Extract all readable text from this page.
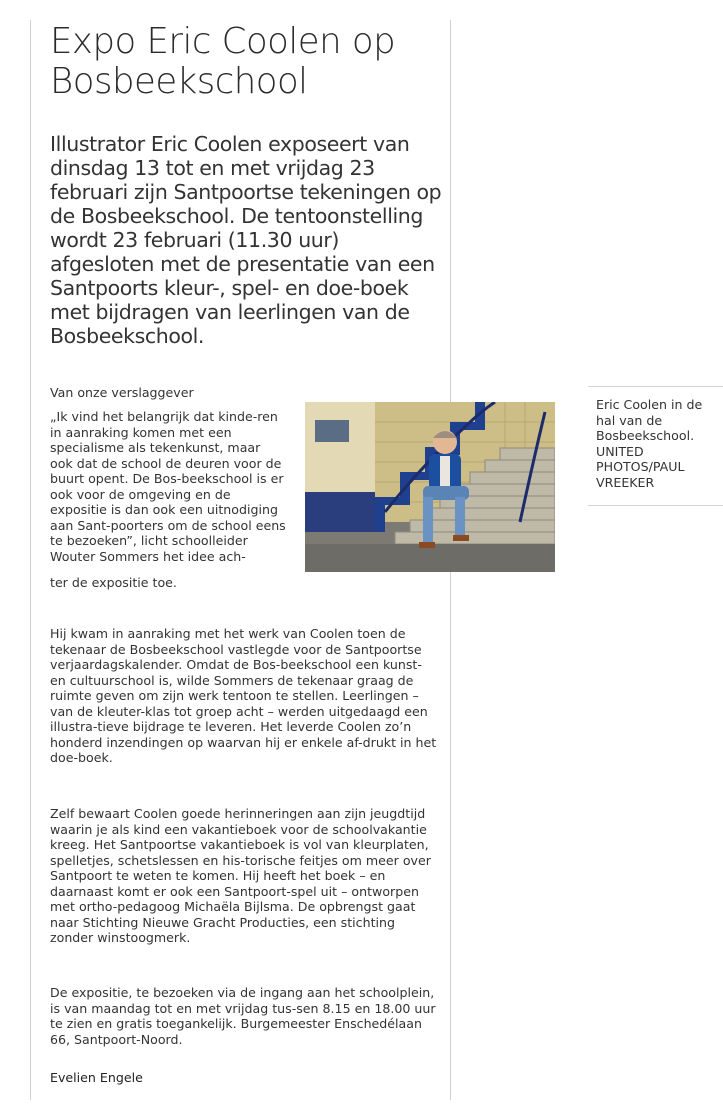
Expo Eric Coolen op Bosbeekschool

Illustrator Eric Coolen exposeert van dinsdag 13 tot en met vrijdag 23 februari zijn Santpoortse tekeningen op de Bosbeekschool. De tentoonstelling wordt 23 februari (11.30 uur) afgesloten met de presentatie van een Santpoorts kleur-, spel- en doe-boek met bijdragen van leerlingen van de Bosbeekschool.

Van onze verslaggever

„Ik vind het belangrijk dat kinde-ren in aanraking komen met een specialisme als tekenkunst, maar ook dat de school de deuren voor de buurt opent. De Bos-beekschool is er ook voor de omgeving en de expositie is dan ook een uitnodiging aan Sant-poorters om de school eens te bezoeken”, licht schoolleider Wouter Sommers het idee ach-

ter de expositie toe.

Hij kwam in aanraking met het werk van Coolen toen de tekenaar de Bosbeekschool vastlegde voor de Santpoortse verjaardagskalender. Omdat de Bos-beekschool een kunst- en cultuurschool is, wilde Sommers de tekenaar graag de ruimte geven om zijn werk tentoon te stellen. Leerlingen – van de kleuter-klas tot groep acht – werden uitgedaagd een illustra-tieve bijdrage te leveren. Het leverde Coolen zo’n honderd inzendingen op waarvan hij er enkele af-drukt in het doe-boek.

Zelf bewaart Coolen goede herinneringen aan zijn jeugdtijd waarin je als kind een vakantieboek voor de schoolvakantie kreeg. Het Santpoortse vakantieboek is vol van kleurplaten, spelletjes, schetslessen en his-torische feitjes om meer over Santpoort te weten te komen. Hij heeft het boek – en daarnaast komt er ook een Santpoort-spel uit – ontworpen met ortho-pedagoog Michaëla Bijlsma. De opbrengst gaat naar Stichting Nieuwe Gracht Producties, een stichting zonder winstoogmerk.

De expositie, te bezoeken via de ingang aan het schoolplein, is van maandag tot en met vrijdag tus-sen 8.15 en 18.00 uur te zien en gratis toegankelijk. Burgemeester Enschedélaan 66, Santpoort-Noord.

Evelien Engele

Eric Coolen in de hal van de Bosbeekschool. UNITED PHOTOS/PAUL VREEKER
